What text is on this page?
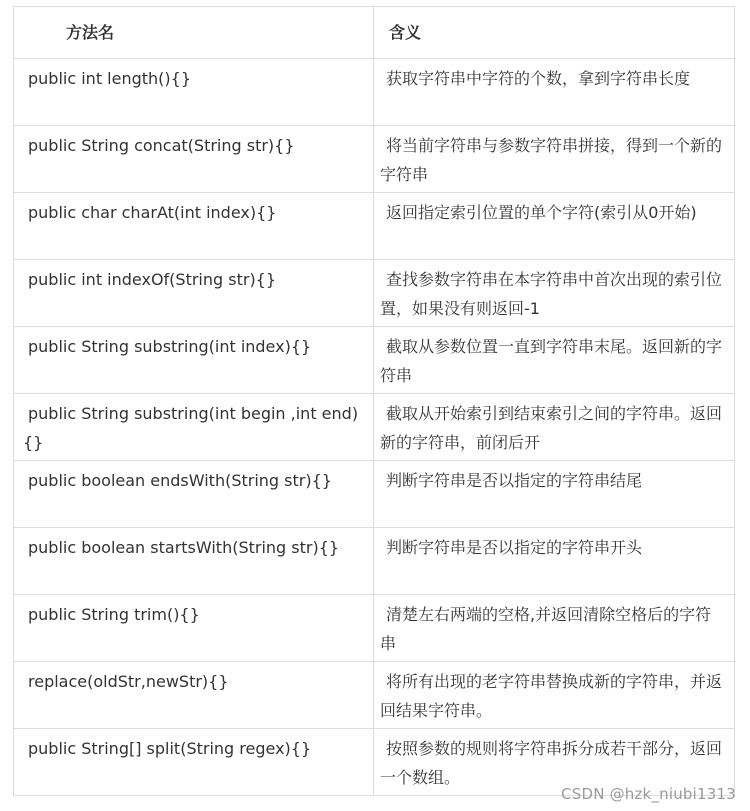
方法名	含义
public int length(){}	获取字符串中字符的个数，拿到字符串长度
public String concat(String str){}	将当前字符串与参数字符串拼接，得到一个新的字符串
public char charAt(int index){}	返回指定索引位置的单个字符(索引从0开始)
public int indexOf(String str){}	查找参数字符串在本字符串中首次出现的索引位置，如果没有则返回-1
public String substring(int index){}	截取从参数位置一直到字符串末尾。返回新的字符串
public String substring(int begin ,int end){}	截取从开始索引到结束索引之间的字符串。返回新的字符串，前闭后开
public boolean endsWith(String str){}	判断字符串是否以指定的字符串结尾
public boolean startsWith(String str){}	判断字符串是否以指定的字符串开头
public String trim(){}	清楚左右两端的空格,并返回清除空格后的字符串
replace(oldStr,newStr){}	将所有出现的老字符串替换成新的字符串，并返回结果字符串。
public String[] split(String regex){}	按照参数的规则将字符串拆分成若干部分，返回一个数组。
CSDN @hzk_niubi1313
